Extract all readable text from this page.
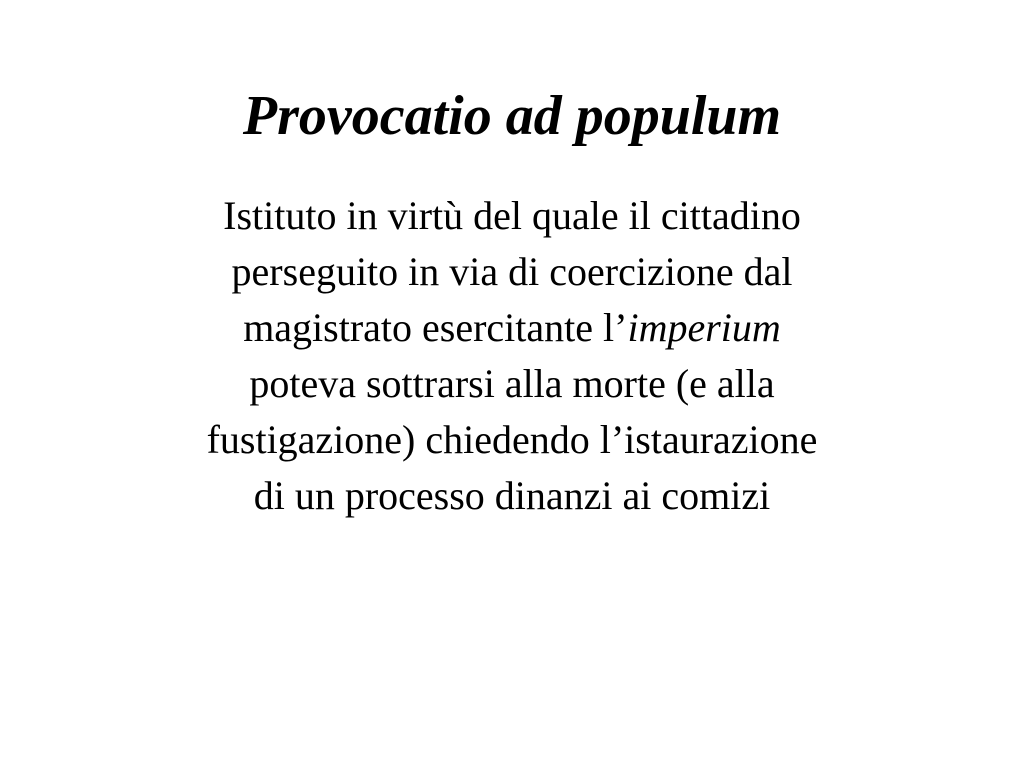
Provocatio ad populum
Istituto in virtù del quale il cittadino
perseguito in via di coercizione dal
magistrato esercitante l’imperium
poteva sottrarsi alla morte (e alla
fustigazione) chiedendo l’istaurazione
di un processo dinanzi ai comizi
